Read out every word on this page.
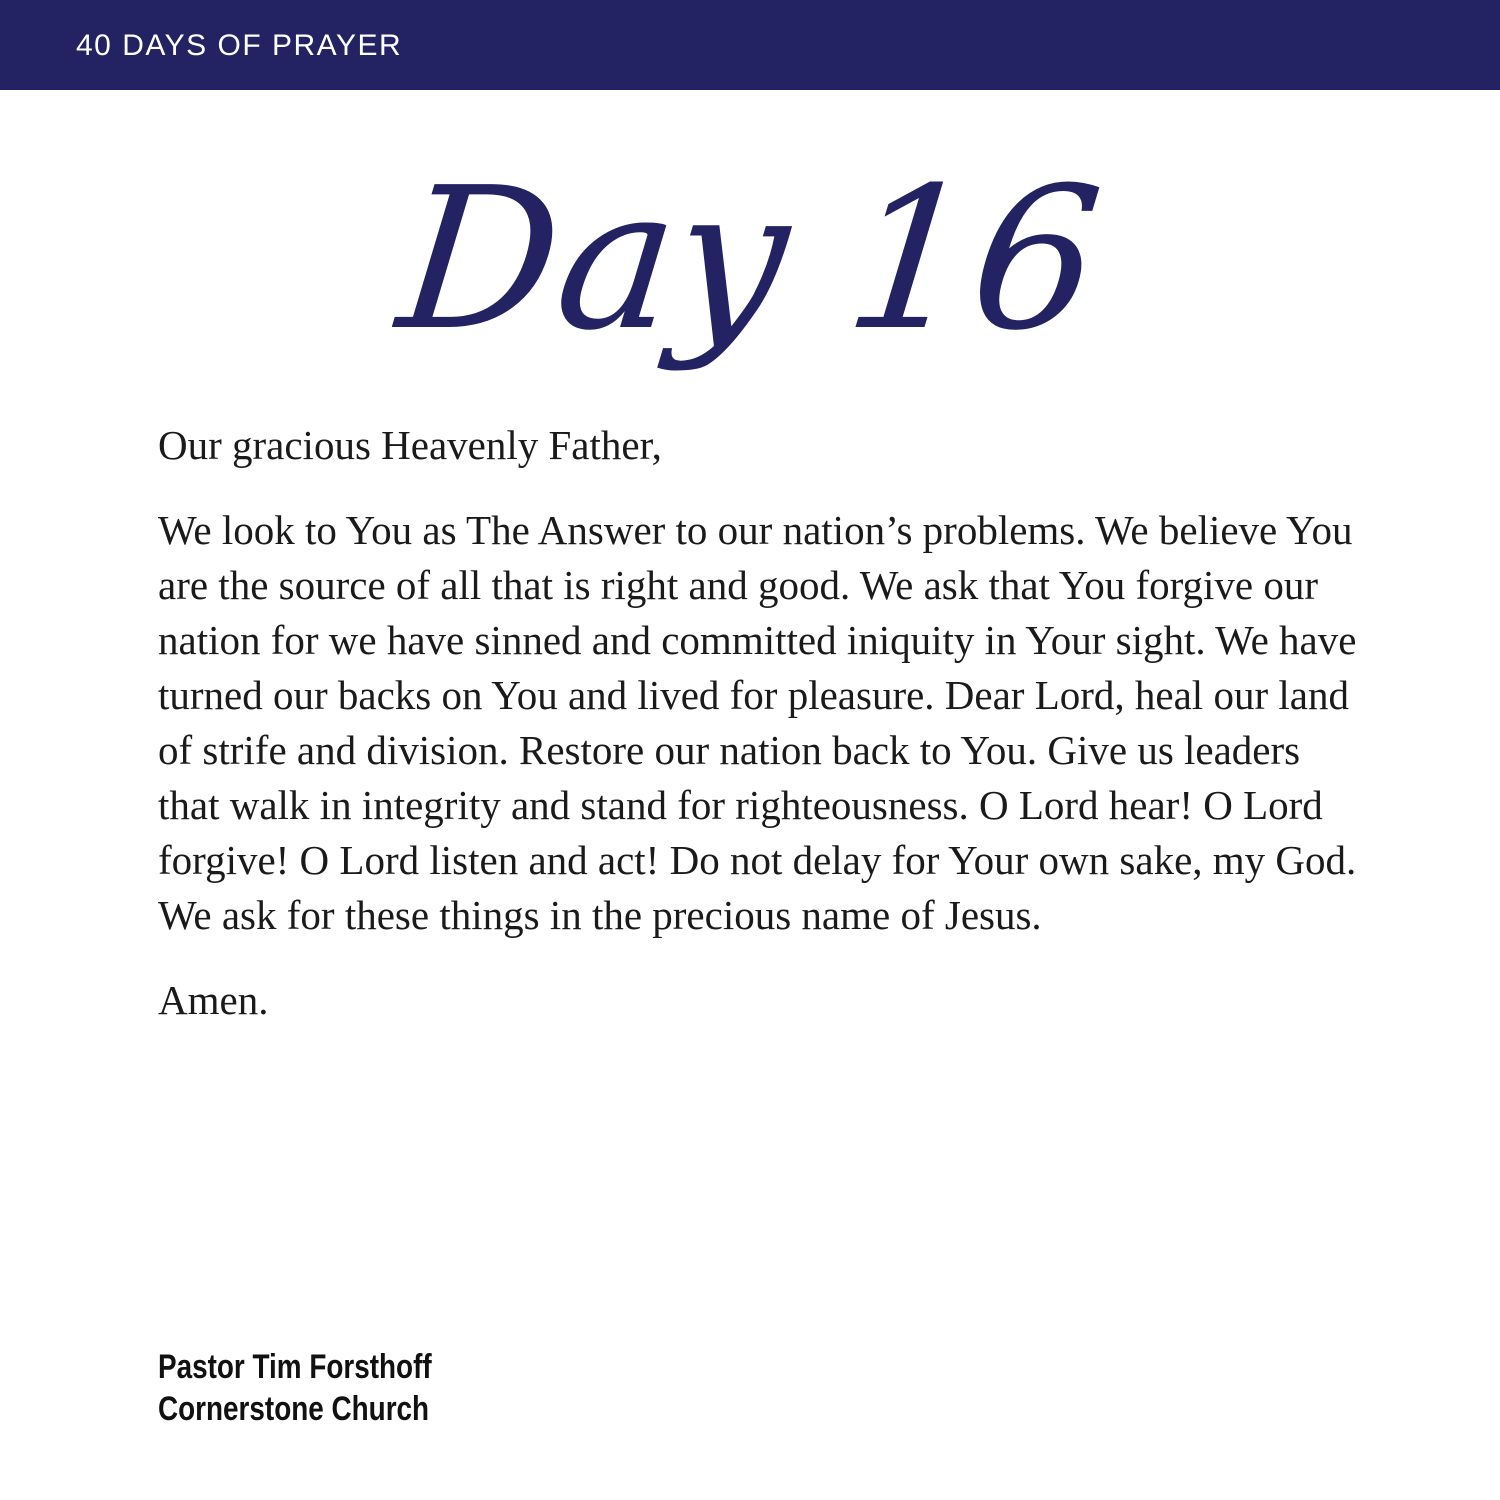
40 DAYS OF PRAYER
Day 16

Our gracious Heavenly Father,

We look to You as The Answer to our nation’s problems. We believe You are the source of all that is right and good. We ask that You forgive our nation for we have sinned and committed iniquity in Your sight. We have turned our backs on You and lived for pleasure. Dear Lord, heal our land of strife and division. Restore our nation back to You. Give us leaders that walk in integrity and stand for righteousness. O Lord hear! O Lord forgive! O Lord listen and act! Do not delay for Your own sake, my God. We ask for these things in the precious name of Jesus.

Amen.

Pastor Tim Forsthoff
Cornerstone Church
